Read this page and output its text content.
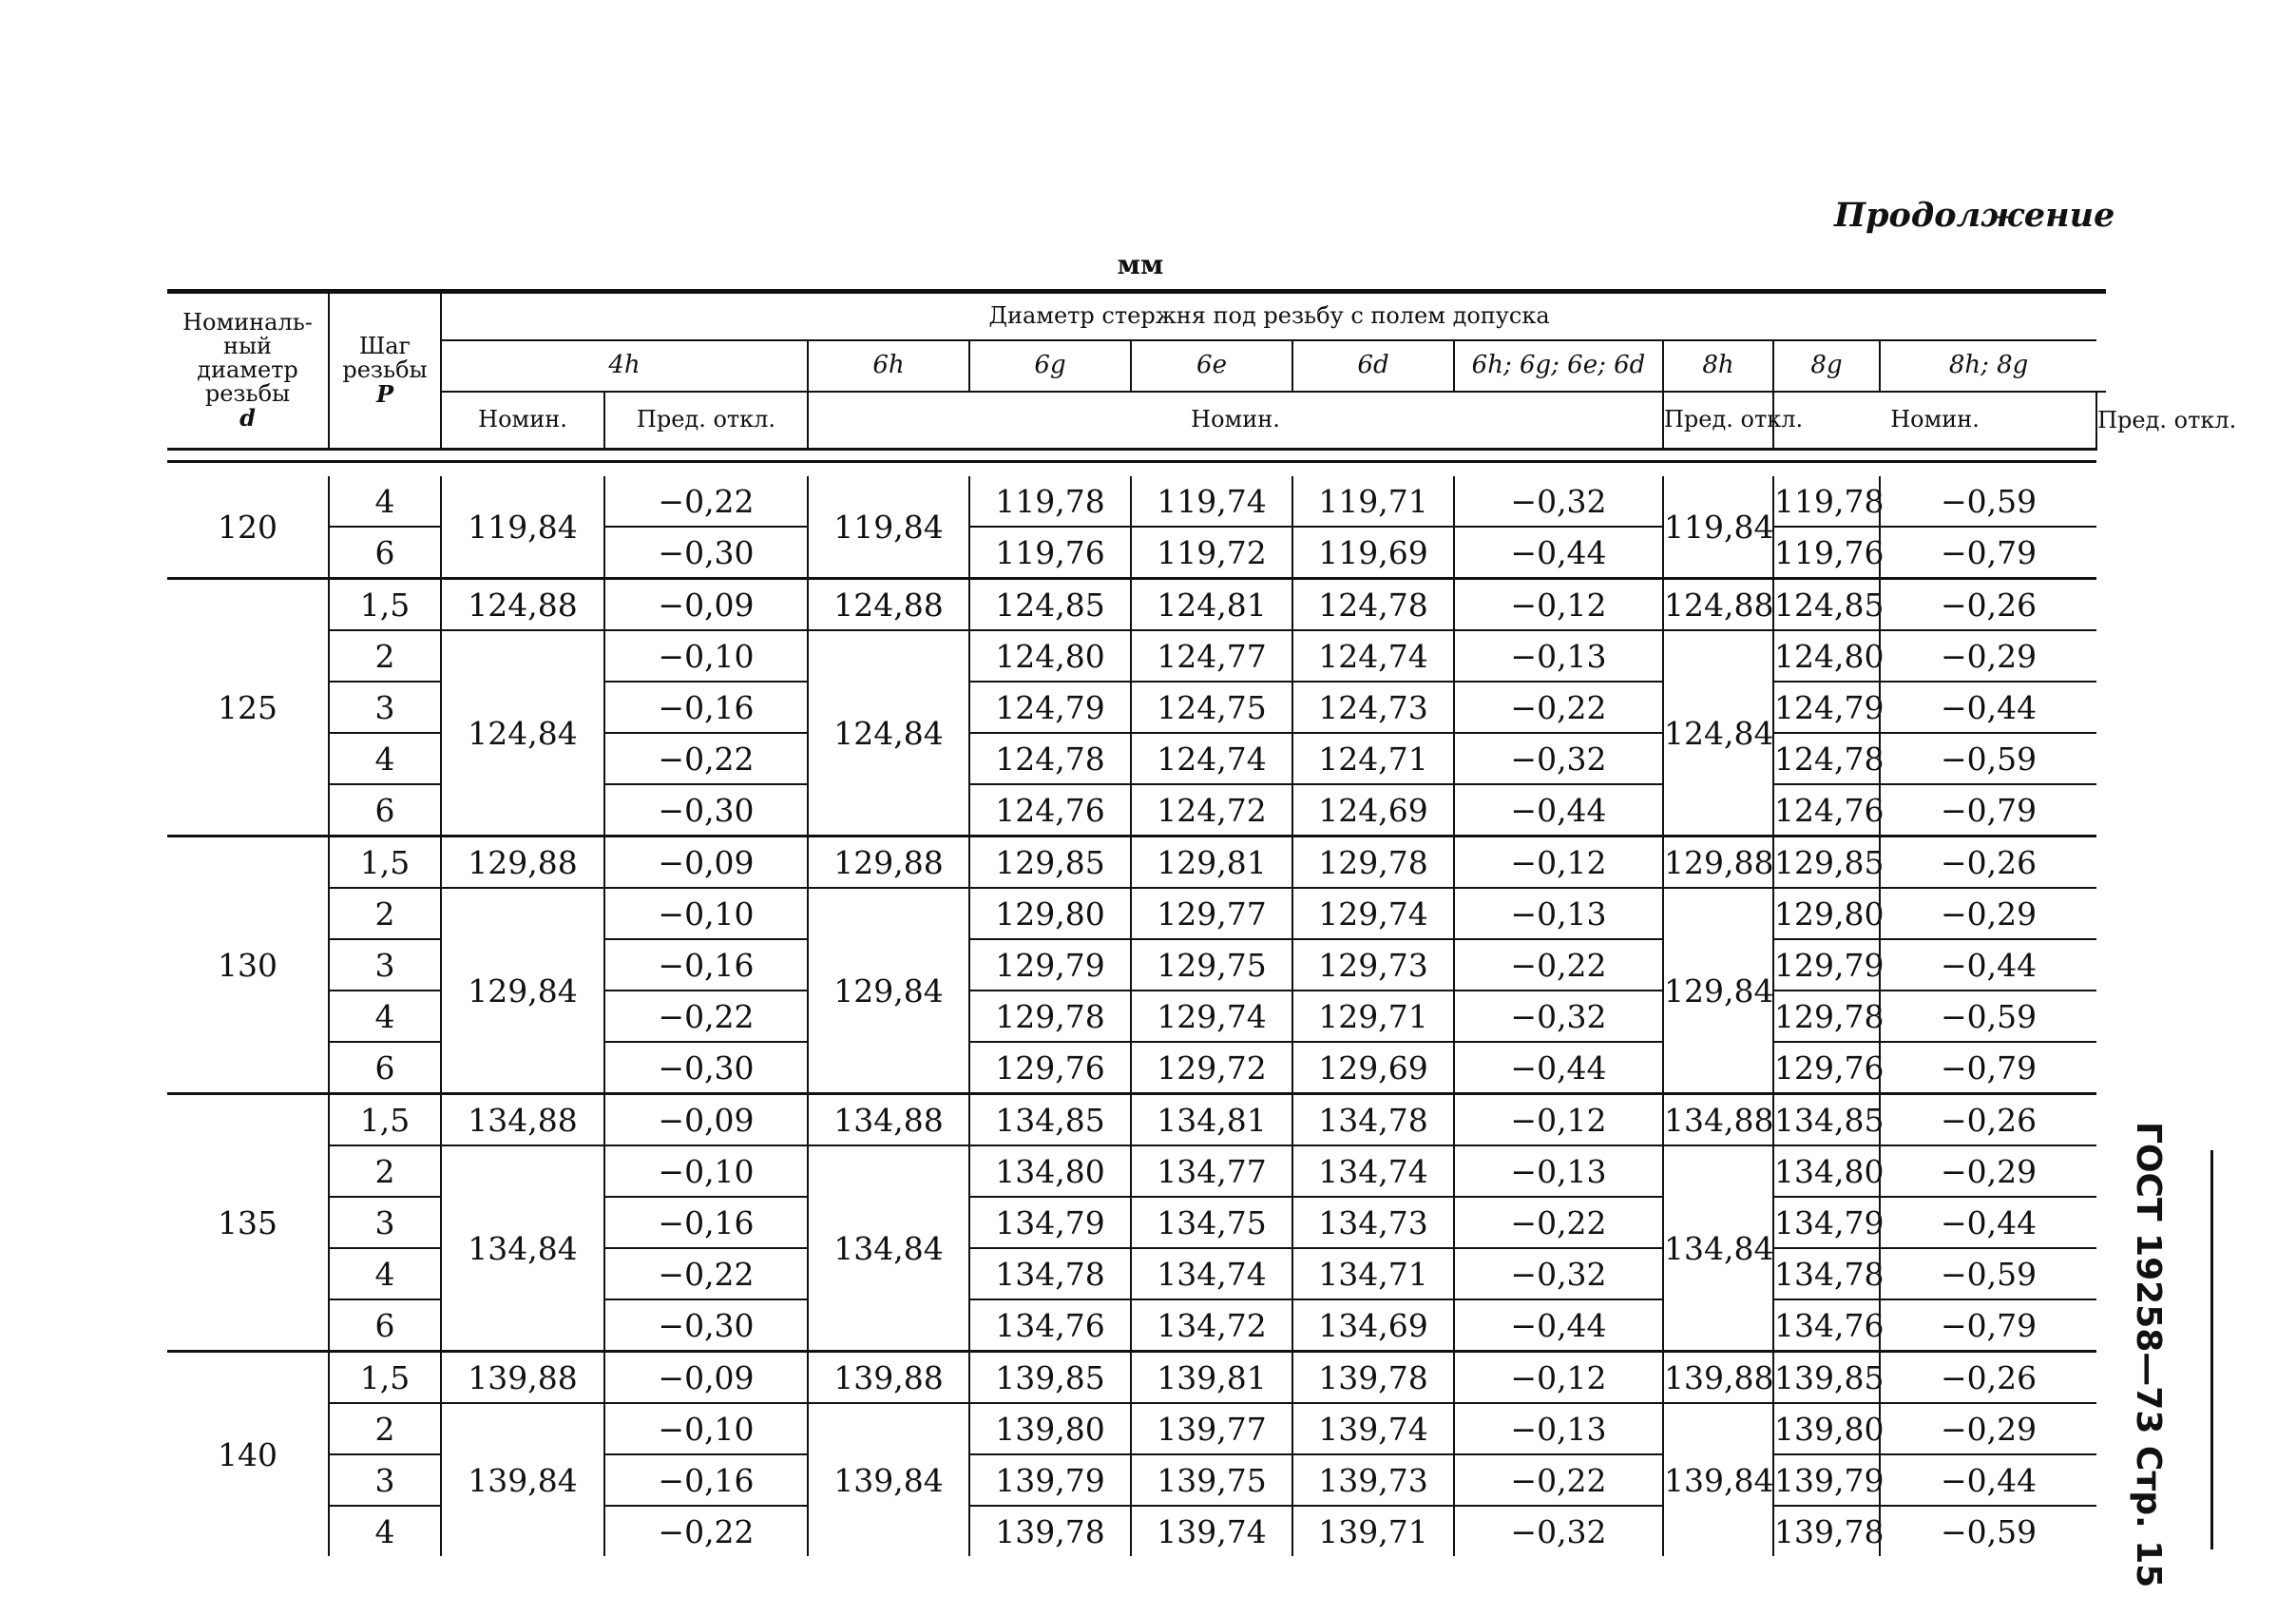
Продолжение
мм
ГОСТ 19258—73 Стр. 15
Номиналь-
ный
диаметр
резьбы
d	Шаг
резьбы
P	Диаметр стержня под резьбу с полем допуска										
		4h		6h	6g	6e	6d	6h; 6g; 6e; 6d	8h	8g	8h; 8g	
		Номин.	Пред. откл.	Номин.					Пред. откл.	Номин.		Пред. откл.

120	4	119,84	−0,22	119,84	119,78	119,74	119,71	−0,32	119,84	119,78	−0,59	
	6		−0,30		119,76	119,72	119,69	−0,44		119,76	−0,79	
125	1,5	124,88	−0,09	124,88	124,85	124,81	124,78	−0,12	124,88	124,85	−0,26	
	2	124,84	−0,10	124,84	124,80	124,77	124,74	−0,13	124,84	124,80	−0,29	
	3		−0,16		124,79	124,75	124,73	−0,22		124,79	−0,44	
	4		−0,22		124,78	124,74	124,71	−0,32		124,78	−0,59	
	6		−0,30		124,76	124,72	124,69	−0,44		124,76	−0,79	
130	1,5	129,88	−0,09	129,88	129,85	129,81	129,78	−0,12	129,88	129,85	−0,26	
	2	129,84	−0,10	129,84	129,80	129,77	129,74	−0,13	129,84	129,80	−0,29	
	3		−0,16		129,79	129,75	129,73	−0,22		129,79	−0,44	
	4		−0,22		129,78	129,74	129,71	−0,32		129,78	−0,59	
	6		−0,30		129,76	129,72	129,69	−0,44		129,76	−0,79	
135	1,5	134,88	−0,09	134,88	134,85	134,81	134,78	−0,12	134,88	134,85	−0,26	
	2	134,84	−0,10	134,84	134,80	134,77	134,74	−0,13	134,84	134,80	−0,29	
	3		−0,16		134,79	134,75	134,73	−0,22		134,79	−0,44	
	4		−0,22		134,78	134,74	134,71	−0,32		134,78	−0,59	
	6		−0,30		134,76	134,72	134,69	−0,44		134,76	−0,79	
140	1,5	139,88	−0,09	139,88	139,85	139,81	139,78	−0,12	139,88	139,85	−0,26	
	2	139,84	−0,10	139,84	139,80	139,77	139,74	−0,13	139,84	139,80	−0,29	
	3		−0,16		139,79	139,75	139,73	−0,22		139,79	−0,44	
	4		−0,22		139,78	139,74	139,71	−0,32		139,78	−0,59	
